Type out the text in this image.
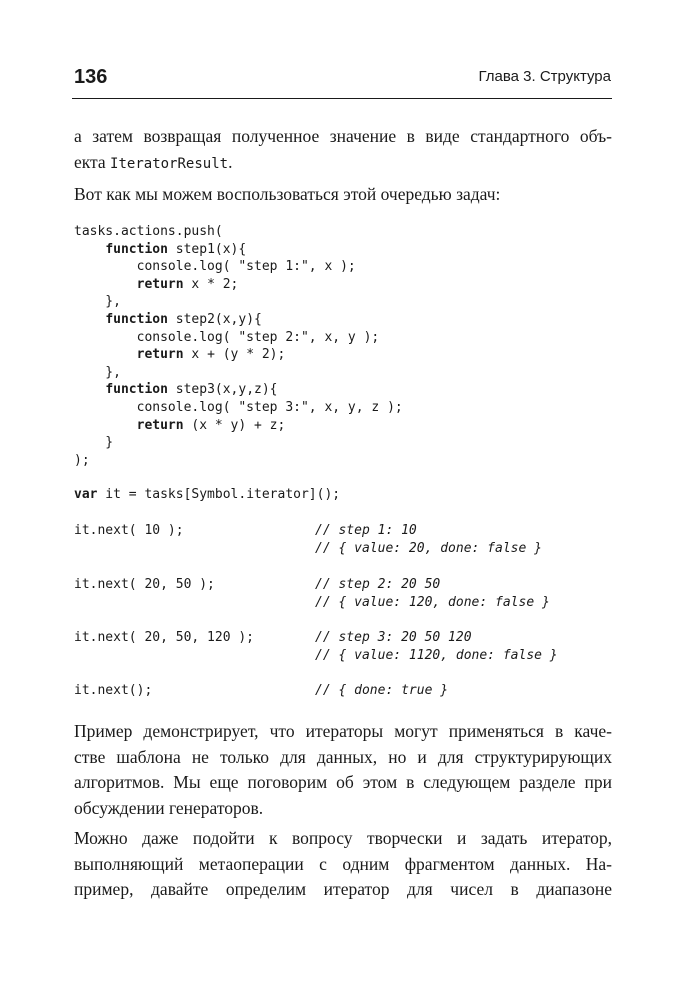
136	Глава 3. Структура

а затем возвращая полученное значение в виде стандартного объ-
екта IteratorResult.

Вот как мы можем воспользоваться этой очередью задач:

tasks.actions.push(
function step1(x){
console.log( "step 1:", x );
return x * 2;
},
function step2(x,y){
console.log( "step 2:", x, y );
return x + (y * 2);
},
function step3(x,y,z){
console.log( "step 3:", x, y, z );
return (x * y) + z;
}
);
var it = tasks[Symbol.iterator]();
it.next( 10 );	// step 1: 10
// { value: 20, done: false }
it.next( 20, 50 );	// step 2: 20 50
// { value: 120, done: false }
it.next( 20, 50, 120 );	// step 3: 20 50 120
// { value: 1120, done: false }
it.next();	// { done: true }

Пример демонстрирует, что итераторы могут применяться в каче-
стве шаблона не только для данных, но и для структурирующих
алгоритмов. Мы еще поговорим об этом в следующем разделе при
обсуждении генераторов.

Можно даже подойти к вопросу творчески и задать итератор,
выполняющий метаоперации с одним фрагментом данных. На-
пример, давайте определим итератор для чисел в диапазоне
